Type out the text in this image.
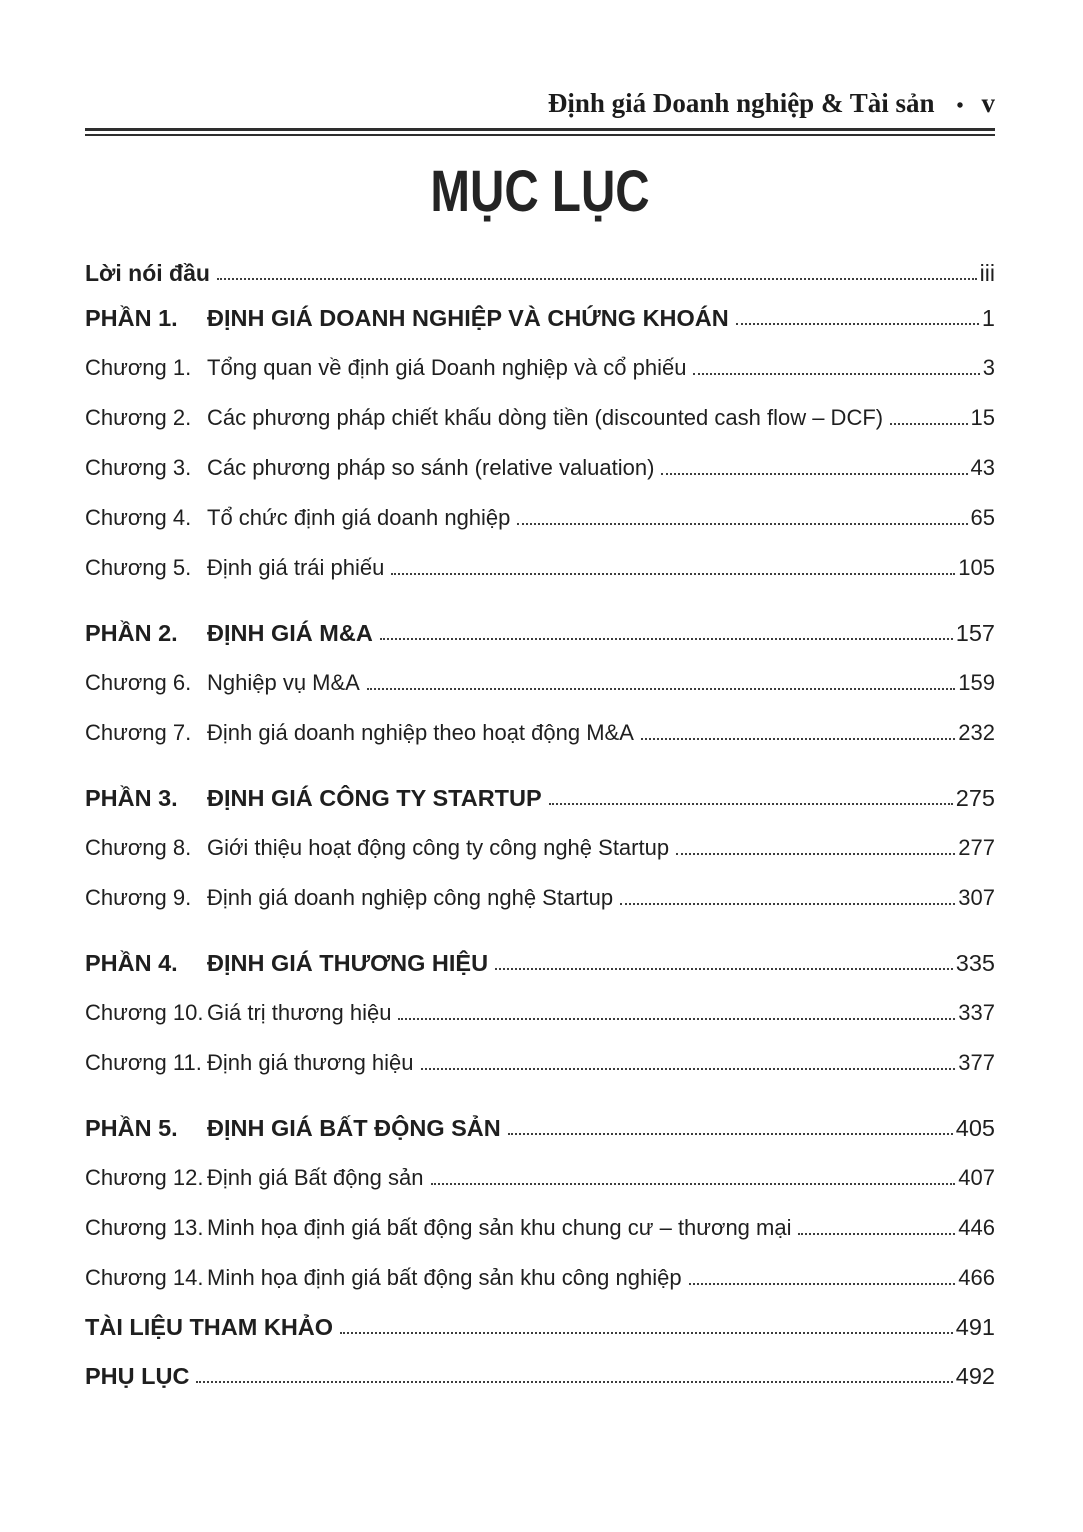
Định giá Doanh nghiệp & Tài sản • v
MỤC LỤC
Lời nói đầu	iii
PHẦN 1.	ĐỊNH GIÁ DOANH NGHIỆP VÀ CHỨNG KHOÁN	1
Chương 1. Tổng quan về định giá Doanh nghiệp và cổ phiếu	3
Chương 2. Các phương pháp chiết khấu dòng tiền (discounted cash flow – DCF)	15
Chương 3. Các phương pháp so sánh (relative valuation)	43
Chương 4. Tổ chức định giá doanh nghiệp	65
Chương 5. Định giá trái phiếu	105
PHẦN 2.	ĐỊNH GIÁ M&A	157
Chương 6. Nghiệp vụ M&A	159
Chương 7. Định giá doanh nghiệp theo hoạt động M&A	232
PHẦN 3.	ĐỊNH GIÁ CÔNG TY STARTUP	275
Chương 8. Giới thiệu hoạt động công ty công nghệ Startup	277
Chương 9. Định giá doanh nghiệp công nghệ Startup	307
PHẦN 4.	ĐỊNH GIÁ THƯƠNG HIỆU	335
Chương 10. Giá trị thương hiệu	337
Chương 11. Định giá thương hiệu	377
PHẦN 5.	ĐỊNH GIÁ BẤT ĐỘNG SẢN	405
Chương 12. Định giá Bất động sản	407
Chương 13. Minh họa định giá bất động sản khu chung cư – thương mại	446
Chương 14. Minh họa định giá bất động sản khu công nghiệp	466
TÀI LIỆU THAM KHẢO	491
PHỤ LỤC	492
